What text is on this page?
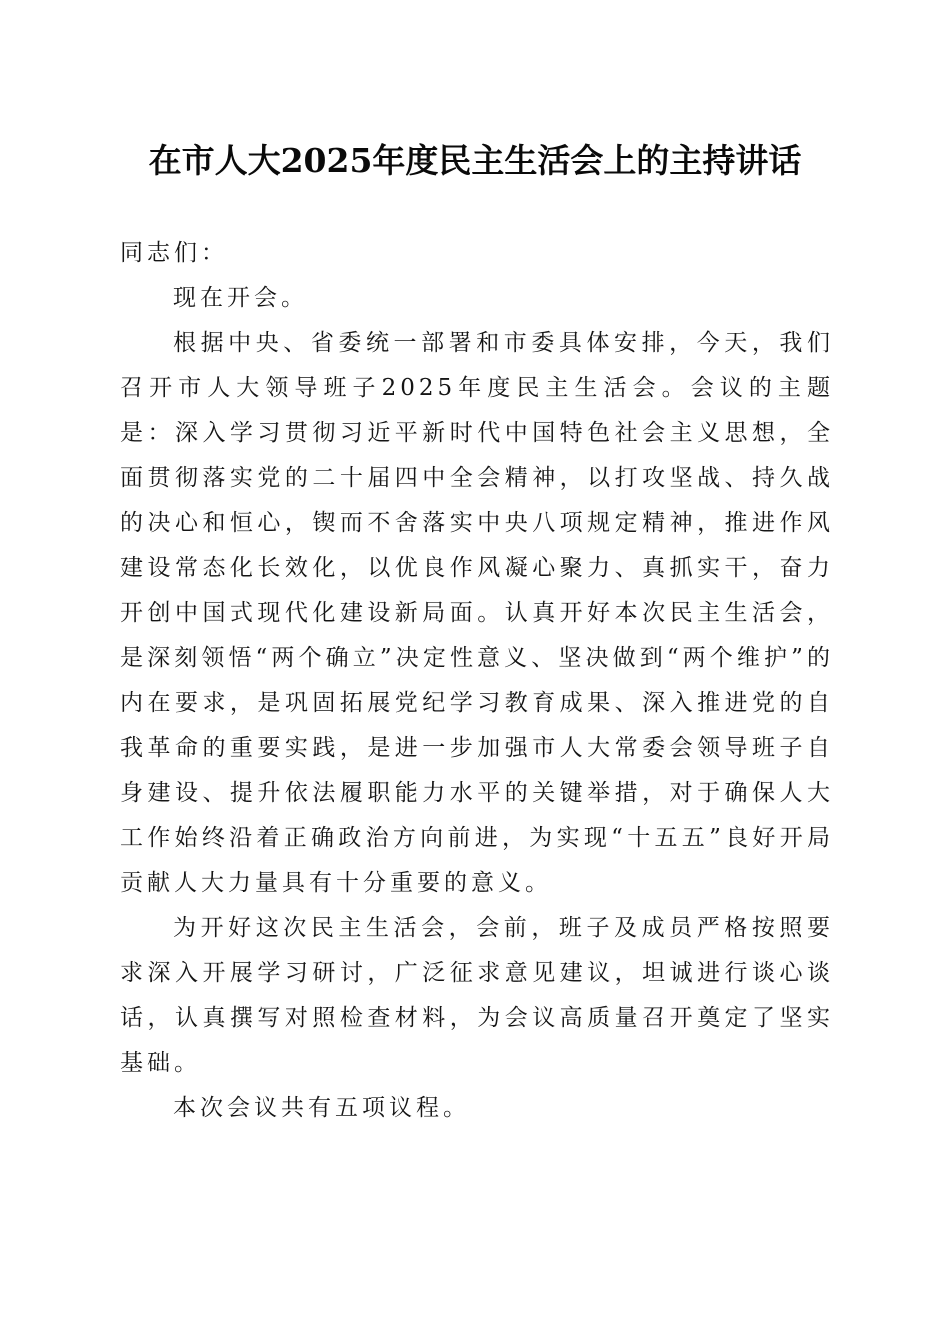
在市人大2025年度民主生活会上的主持讲话

同志们：

现在开会。

根据中央、省委统一部署和市委具体安排，今天，我们召开市人大领导班子2025年度民主生活会。会议的主题是：深入学习贯彻习近平新时代中国特色社会主义思想，全面贯彻落实党的二十届四中全会精神，以打攻坚战、持久战的决心和恒心，锲而不舍落实中央八项规定精神，推进作风建设常态化长效化，以优良作风凝心聚力、真抓实干，奋力开创中国式现代化建设新局面。认真开好本次民主生活会，是深刻领悟“两个确立”决定性意义、坚决做到“两个维护”的内在要求，是巩固拓展党纪学习教育成果、深入推进党的自我革命的重要实践，是进一步加强市人大常委会领导班子自身建设、提升依法履职能力水平的关键举措，对于确保人大工作始终沿着正确政治方向前进，为实现“十五五”良好开局贡献人大力量具有十分重要的意义。

为开好这次民主生活会，会前，班子及成员严格按照要求深入开展学习研讨，广泛征求意见建议，坦诚进行谈心谈话，认真撰写对照检查材料，为会议高质量召开奠定了坚实基础。

本次会议共有五项议程。
